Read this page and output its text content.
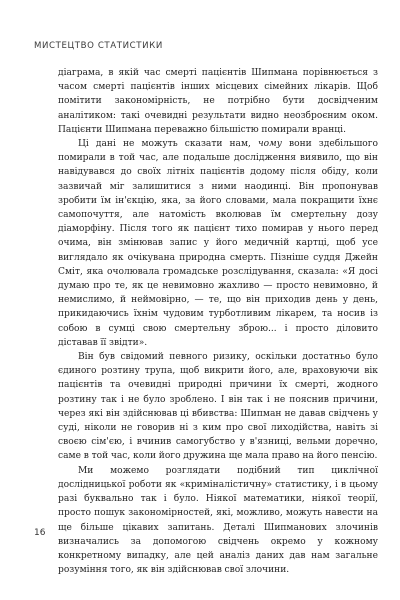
МИСТЕЦТВО СТАТИСТИКИ

діаграма, в якій час смерті пацієнтів Шипмана порівнюється з часом смерті пацієнтів інших місцевих сімейних лікарів. Щоб помітити закономірність, не потрібно бути досвідченим аналітиком: такі очевидні результати видно неозброєним оком. Пацієнти Шипмана переважно більшістю помирали вранці.

Ці дані не можуть сказати нам, чому вони здебільшого помирали в той час, але подальше дослідження виявило, що він навідувався до своїх літніх пацієнтів додому після обіду, коли зазвичай міг залишитися з ними наодинці. Він пропонував зробити їм ін'єкцію, яка, за його словами, мала покращити їхнє самопочуття, але натомість вколював їм смертельну дозу діаморфіну. Після того як пацієнт тихо помирав у нього перед очима, він змінював запис у його медичній картці, щоб усе виглядало як очікувана природна смерть. Пізніше суддя Джейн Сміт, яка очолювала громадське розслідування, сказала: «Я досі думаю про те, як це невимовно жахливо — просто невимовно, й немислимо, й неймовірно, — те, що він приходив день у день, прикидаючись їхнім чудовим турботливим лікарем, та носив із собою в сумці свою смертельну зброю... і просто діловито діставав її звідти».

Він був свідомий певного ризику, оскільки достатньо було єдиного розтину трупа, щоб викрити його, але, враховуючи вік пацієнтів та очевидні природні причини їх смерті, жодного розтину так і не було зроблено. І він так і не пояснив причини, через які він здійснював ці вбивства: Шипман не давав свідчень у суді, ніколи не говорив ні з ким про свої лиходійства, навіть зі своєю сім'єю, і вчинив самогубство у в'язниці, вельми доречно, саме в той час, коли його дружина ще мала право на його пенсію.

Ми можемо розглядати подібний тип циклічної дослідницької роботи як «криміналістичну» статистику, і в цьому разі буквально так і було. Ніякої математики, ніякої теорії, просто пошук закономірностей, які, можливо, можуть навести на ще більше цікавих запитань. Деталі Шипманових злочинів визначались за допомогою свідчень окремо у кожному конкретному випадку, але цей аналіз даних дав нам загальне розуміння того, як він здійснював свої злочини.

16
